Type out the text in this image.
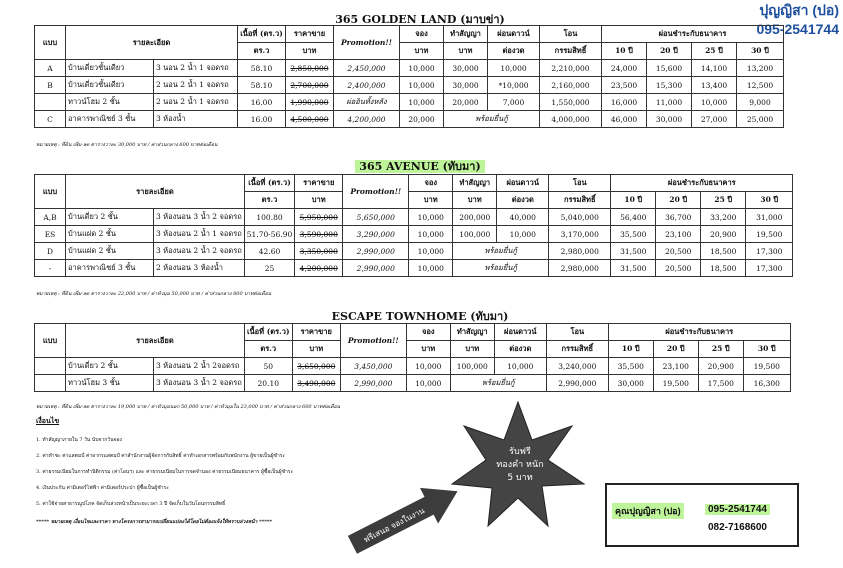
ปุญญิสา (ปอ)
095-2541744
365 GOLDEN LAND (มาบข่า)
365 AVENUE (ทับมา)
ESCAPE TOWNHOME (ทับมา)
แบบ	รายละเอียด		เนื้อที่ (ตร.ว)	ราคาขาย	Promotion!!	จอง	ทำสัญญา	ผ่อนดาวน์	โอน	ผ่อนชำระกับธนาคาร			
			ตร.ว	บาท		บาท	บาท	ต่องวด	กรรมสิทธิ์	10 ปี	20 ปี	25 ปี	30 ปี
A	บ้านเดี่ยวชั้นเดียว	3 นอน 2 น้ำ 1 จอดรถ	58.10	2,850,000	2,450,000	10,000	30,000	10,000	2,210,000	24,000	15,600	14,100	13,200
B	บ้านเดี่ยวชั้นเดียว	2 นอน 2 น้ำ 1 จอดรถ	58.10	2,700,000	2,400,000	10,000	30,000	*10,000	2,160,000	23,500	15,300	13,400	12,500
	ทาวน์โฮม 2 ชั้น	2 นอน 2 น้ำ 1 จอดรถ	16.00	1,990,000	ผ่ออินทั้งหลัง	10,000	20,000	7,000	1,550,000	16,000	11,000	10,000	9,000
C	อาคารพาณิชย์ 3 ชั้น	3 ห้องน้ำ	16.00	4,500,000	4,200,000	20,000	พร้อมยื่นกู้		4,000,000	46,000	30,000	27,000	25,000
แบบ	รายละเอียด		เนื้อที่ (ตร.ว)	ราคาขาย	Promotion!!	จอง	ทำสัญญา	ผ่อนดาวน์	โอน	ผ่อนชำระกับธนาคาร			
			ตร.ว	บาท		บาท	บาท	ต่องวด	กรรมสิทธิ์	10 ปี	20 ปี	25 ปี	30 ปี
A,B	บ้านเดี่ยว 2 ชั้น	3 ห้องนอน 3 น้ำ 2 จอดรถ	100.80	5,950,000	5,650,000	10,000	200,000	40,000	5,040,000	56,400	36,700	33,200	31,000
ES	บ้านแฝด 2 ชั้น	3 ห้องนอน 2 น้ำ 1 จอดรถ	51.70-56.90	3,590,000	3,290,000	10,000	100,000	10,000	3,170,000	35,500	23,100	20,900	19,500
D	บ้านแฝด 2 ชั้น	3 ห้องนอน 2 น้ำ 2 จอดรถ	42.60	3,350,000	2,990,000	10,000	พร้อมยื่นกู้		2,980,000	31,500	20,500	18,500	17,300
-	อาคารพาณิชย์ 3 ชั้น	2 ห้องนอน 3 ห้องน้ำ	25	4,200,000	2,990,000	10,000	พร้อมยื่นกู้		2,980,000	31,500	20,500	18,500	17,300
แบบ	รายละเอียด		เนื้อที่ (ตร.ว)	ราคาขาย	Promotion!!	จอง	ทำสัญญา	ผ่อนดาวน์	โอน	ผ่อนชำระกับธนาคาร			
			ตร.ว	บาท		บาท	บาท	ต่องวด	กรรมสิทธิ์	10 ปี	20 ปี	25 ปี	30 ปี
	บ้านเดี่ยว 2 ชั้น	3 ห้องนอน 2 น้ำ 2จอดรถ	50	3,650,000	3,450,000	10,000	100,000	10,000	3,240,000	35,500	23,100	20,900	19,500
	ทาวน์โฮม 3 ชั้น	3 ห้องนอน 3 น้ำ 2 จอดรถ	20.10	3,490,000	2,990,000	10,000	พร้อมยื่นกู้		2,990,000	30,000	19,500	17,500	16,300
หมายเหตุ : ที่ดิน เพิ่ม-ลด ตารางวาละ 30,000 บาท / ค่าส่วนกลาง 600 บาทต่อเดือน
หมายเหตุ : ที่ดิน เพิ่ม-ลด ตารางวาละ 22,000 บาท / ค่าหัวมุม 50,000 บาท / ค่าส่วนกลาง 800 บาทต่อเดือน
หมายเหตุ : ที่ดิน เพิ่ม-ลด ตารางวาละ 19,000 บาท / ค่าหัวมุมนอก 50,000 บาท / ค่าหัวมุมใน 23,000 บาท / ค่าส่วนกลาง 600 บาทต่อเดือน
เงื่อนไข
1. ทำสัญญาภายใน 7 วัน นับจากวันจอง
2. ค่าทำชะ ค่าแสตมป์ ค่าอากรแสตมป์ ค่าสำนักงานผู้จัดการกับสิทธิ์ ค่าทำเอกสารพร้อมกับพนักงาน ผู้ขายเป็นผู้ชำระ
3. ค่าธรรมเนียมในการทำนิติกรรม (ค่าโอนฯ) และ ค่าธรรมเนียมในการจดจำนอง ค่าธรรมเนียมธนาคาร ผู้ซื้อเป็นผู้ชำระ
4. เงินประกัน ค่ามิเตอร์ไฟฟ้า ค่ามิเตอร์ประปา ผู้ซื้อเป็นผู้ชำระ
5. ค่าใช้จ่ายสาธารณูปโภค จัดเก็บล่วงหน้าเป็นระยะเวลา 3 ปี จัดเก็บในวันโอนกรรมสิทธิ์
***** หมายเหตุ เงื่อนไขและราคา ทางโครงการสามารถเปลี่ยนแปลงได้โดยไม่ต้องแจ้งให้ทราบล่วงหน้า *****
รับฟรี
ทองคำ หนัก
5 บาท
ฟรีเสนอ จองในงาน	คุณปุญญิสา (ปอ)	095-2541744
082-7168600
